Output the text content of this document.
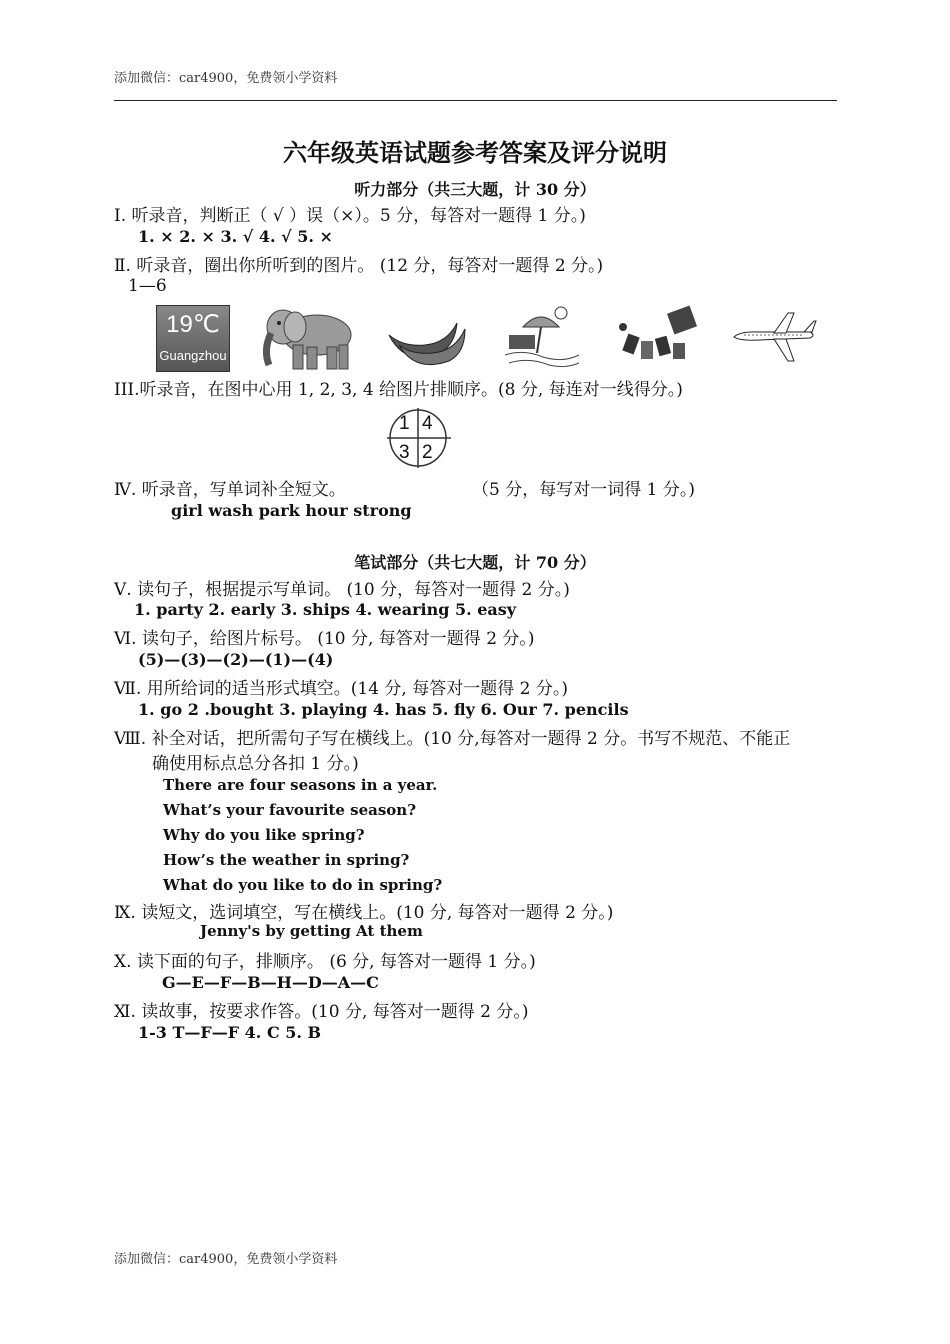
添加微信：car4900，免费领小学资料
六年级英语试题参考答案及评分说明
听力部分（共三大题，计 30 分）
Ⅰ. 听录音，判断正（ √ ）误（×）。5 分，每答对一题得 1 分。)
1. × 2. × 3. √ 4. √ 5. ×
Ⅱ. 听录音，圈出你所听到的图片。 (12 分，每答对一题得 2 分。)
1—6
19℃
Guangzhou
III.听录音，在图中心用 1, 2, 3, 4 给图片排顺序。(8 分, 每连对一线得分。)
1 4
3 2
Ⅳ. 听录音，写单词补全短文。	（5 分，每写对一词得 1 分。)
girl wash park hour strong
笔试部分（共七大题，计 70 分）
Ⅴ. 读句子，根据提示写单词。 (10 分，每答对一题得 2 分。)
1. party 2. early 3. ships 4. wearing 5. easy
Ⅵ. 读句子，给图片标号。 (10 分, 每答对一题得 2 分。)
(5)—(3)—(2)—(1)—(4)
Ⅶ. 用所给词的适当形式填空。(14 分, 每答对一题得 2 分。)
1. go 2 .bought 3. playing 4. has 5. fly 6. Our 7. pencils
Ⅷ. 补全对话，把所需句子写在横线上。(10 分,每答对一题得 2 分。书写不规范、不能正
确使用标点总分各扣 1 分。)
There are four seasons in a year.
What’s your favourite season?
Why do you like spring?
How’s the weather in spring?
What do you like to do in spring?
Ⅸ. 读短文，选词填空，写在横线上。(10 分, 每答对一题得 2 分。)
Jenny's by getting At them
Ⅹ. 读下面的句子，排顺序。 (6 分, 每答对一题得 1 分。)
G—E—F—B—H—D—A—C
Ⅺ. 读故事，按要求作答。(10 分, 每答对一题得 2 分。)
1-3 T—F—F 4. C 5. B
添加微信：car4900，免费领小学资料
